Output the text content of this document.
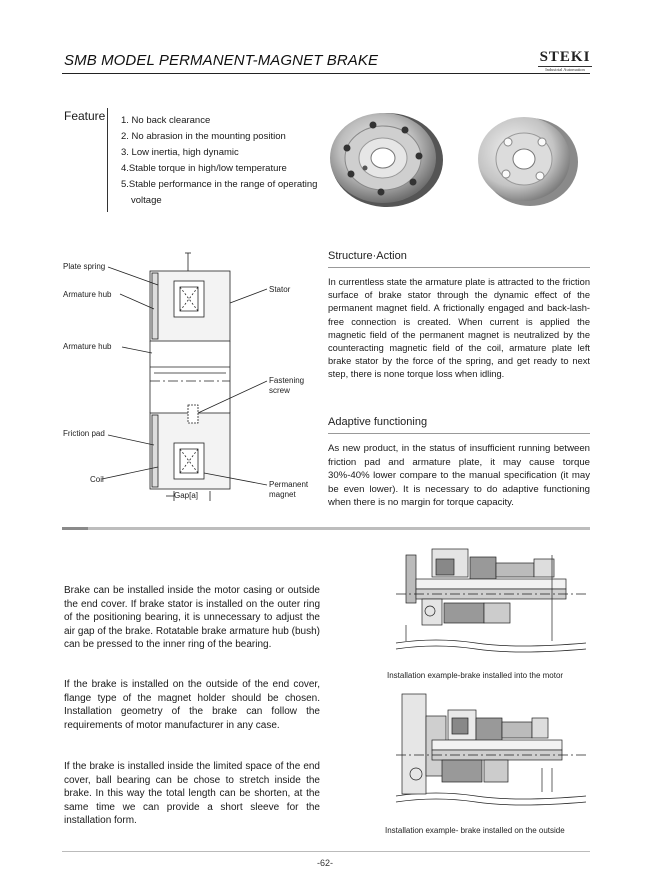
SMB MODEL PERMANENT-MAGNET BRAKE	STEKI
Industrial Automation
Feature 1. No back clearance
2. No abrasion in the mounting position
3. Low inertia, high dynamic
4.Stable torque in high/low temperature
5.Stable performance in the range of operating
voltage
Plate spring
Armature hub
Armature hub
Friction pad
Coil
Stator
Fastening
screw
Permanent
magnet
Gap[a]
Structure·Action
In currentless state the armature plate is attracted to the friction surface of brake stator through the dynamic effect of the permanent magnet field. A frictionally engaged and back-lash-free connection is created. When current is applied the magnetic field of the permanent magnet is neutralized by the counteracting magnetic field of the coil, armature plate left brake stator by the force of the spring, and get ready to next step, there is none torque loss when idling.
Adaptive functioning
As new product, in the status of insufficient running between friction pad and armature plate, it may cause torque 30%-40% lower compare to the manual specification (it may be even lower). It is necessary to do adaptive functioning when there is no margin for torque capacity.
Brake can be installed inside the motor casing or outside the end cover. If brake stator is installed on the outer ring of the positioning bearing, it is unnecessary to adjust the air gap of the brake. Rotatable brake armature hub (bush) can be pressed to the inner ring of the bearing.
If the brake is installed on the outside of the end cover, flange type of the magnet holder should be chosen. Installation geometry of the brake can follow the requirements of motor manufacturer in any case.
If the brake is installed inside the limited space of the end cover, ball bearing can be chose to stretch inside the brake. In this way the total length can be shorten, at the same time we can provide a short sleeve for the installation form.
Installation example-brake installed into the motor
Installation example- brake installed on the outside
-62-
